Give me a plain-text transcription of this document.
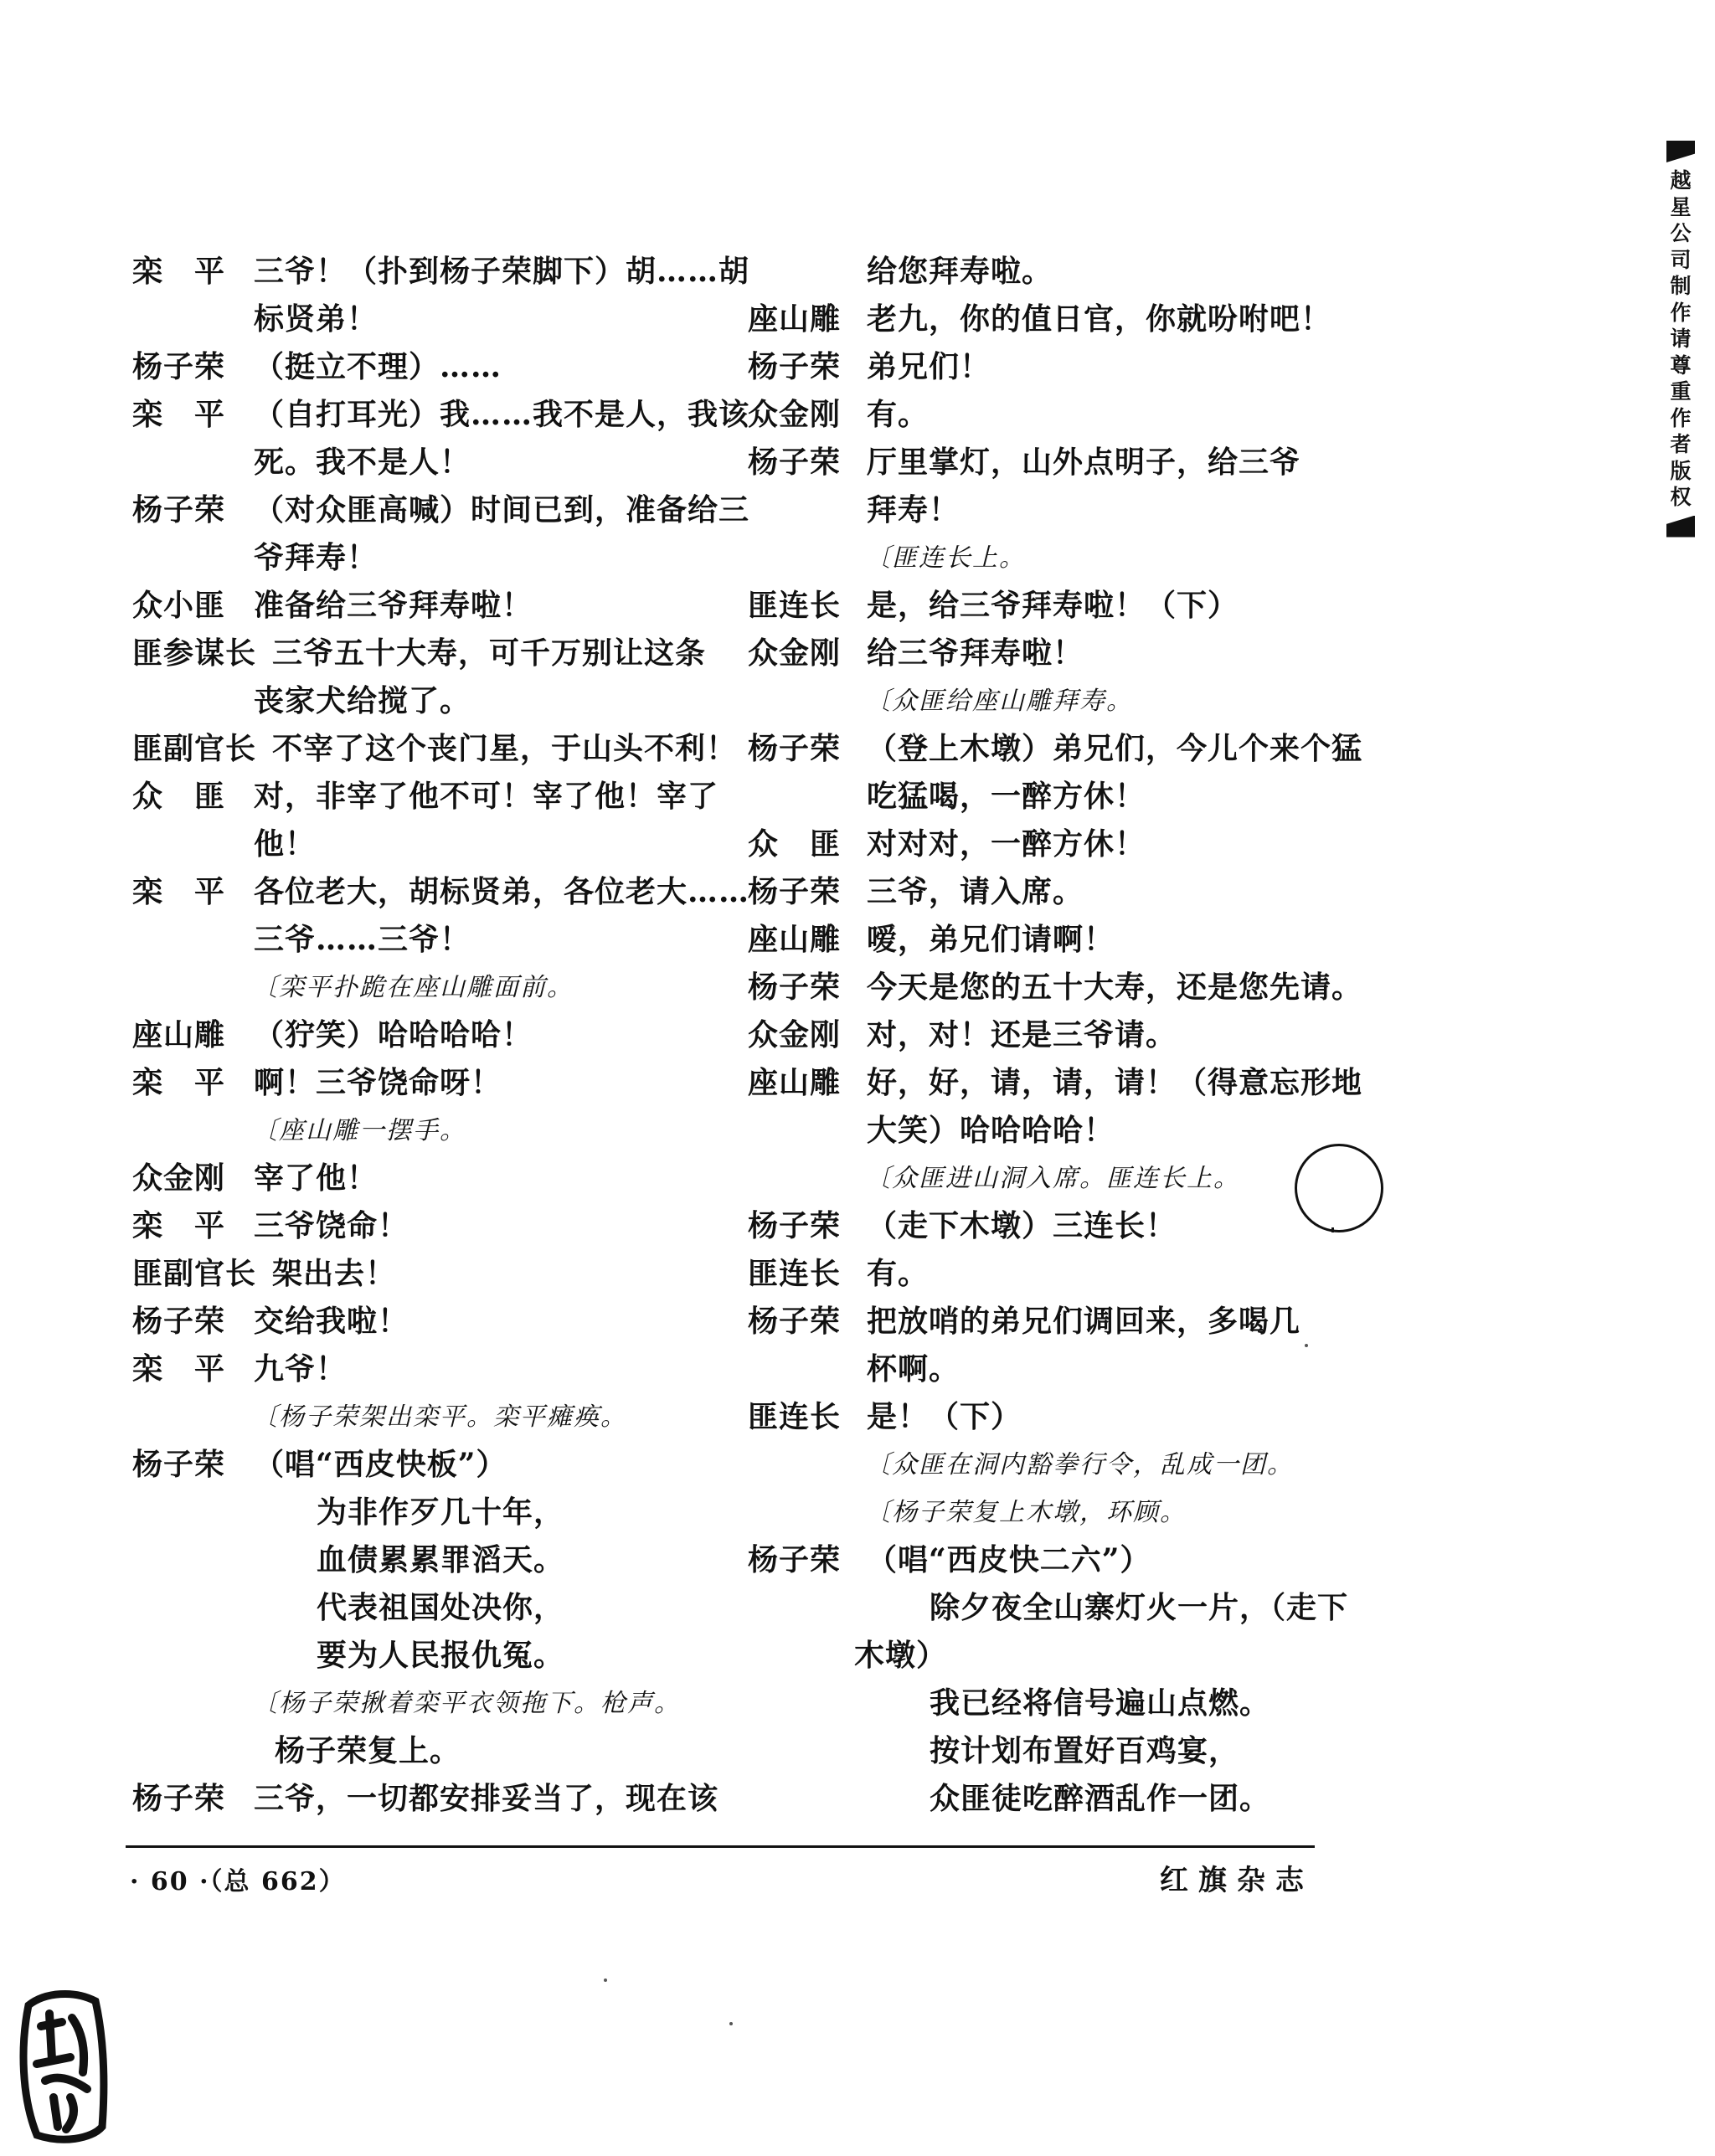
越
星
公
司
制
作
请
尊
重
作
者
版
权
栾　平 三爷！（扑到杨子荣脚下）胡……胡
标贤弟！
杨子荣 （挺立不理）……
栾　平 （自打耳光）我……我不是人，我该
死。我不是人！
杨子荣 （对众匪高喊）时间已到，准备给三
爷拜寿！
众小匪 准备给三爷拜寿啦！
匪参谋长 三爷五十大寿，可千万别让这条
丧家犬给搅了。
匪副官长 不宰了这个丧门星，于山头不利！
众　匪 对，非宰了他不可！宰了他！宰了
他！
栾　平 各位老大，胡标贤弟，各位老大……
三爷……三爷！
〔栾平扑跪在座山雕面前。
座山雕 （狞笑）哈哈哈哈！
栾　平 啊！三爷饶命呀！
〔座山雕一摆手。
众金刚 宰了他！
栾　平 三爷饶命！
匪副官长 架出去！
杨子荣 交给我啦！
栾　平 九爷！
〔杨子荣架出栾平。栾平瘫痪。
杨子荣 （唱“西皮快板”）
为非作歹几十年，
血债累累罪滔天。
代表祖国处决你，
要为人民报仇冤。
〔杨子荣揪着栾平衣领拖下。枪声。
杨子荣复上。
杨子荣 三爷，一切都安排妥当了，现在该
给您拜寿啦。
座山雕 老九，你的值日官，你就吩咐吧！
杨子荣 弟兄们！
众金刚 有。
杨子荣 厅里掌灯，山外点明子，给三爷
拜寿！
〔匪连长上。
匪连长 是，给三爷拜寿啦！（下）
众金刚 给三爷拜寿啦！
〔众匪给座山雕拜寿。
杨子荣 （登上木墩）弟兄们，今儿个来个猛
吃猛喝，一醉方休！
众　匪 对对对，一醉方休！
杨子荣 三爷，请入席。
座山雕 嗳，弟兄们请啊！
杨子荣 今天是您的五十大寿，还是您先请。
众金刚 对，对！还是三爷请。
座山雕 好，好，请，请，请！（得意忘形地
大笑）哈哈哈哈！
〔众匪进山洞入席。匪连长上。
杨子荣 （走下木墩）三连长！
匪连长 有。
杨子荣 把放哨的弟兄们调回来，多喝几
杯啊。
匪连长 是！（下）
〔众匪在洞内豁拳行令，乱成一团。
〔杨子荣复上木墩，环顾。
杨子荣 （唱“西皮快二六”）
除夕夜全山寨灯火一片，（走下
木墩）
我已经将信号遍山点燃。
按计划布置好百鸡宴，
众匪徒吃醉酒乱作一团。
· 60 ·（总 662）	红旗杂志
